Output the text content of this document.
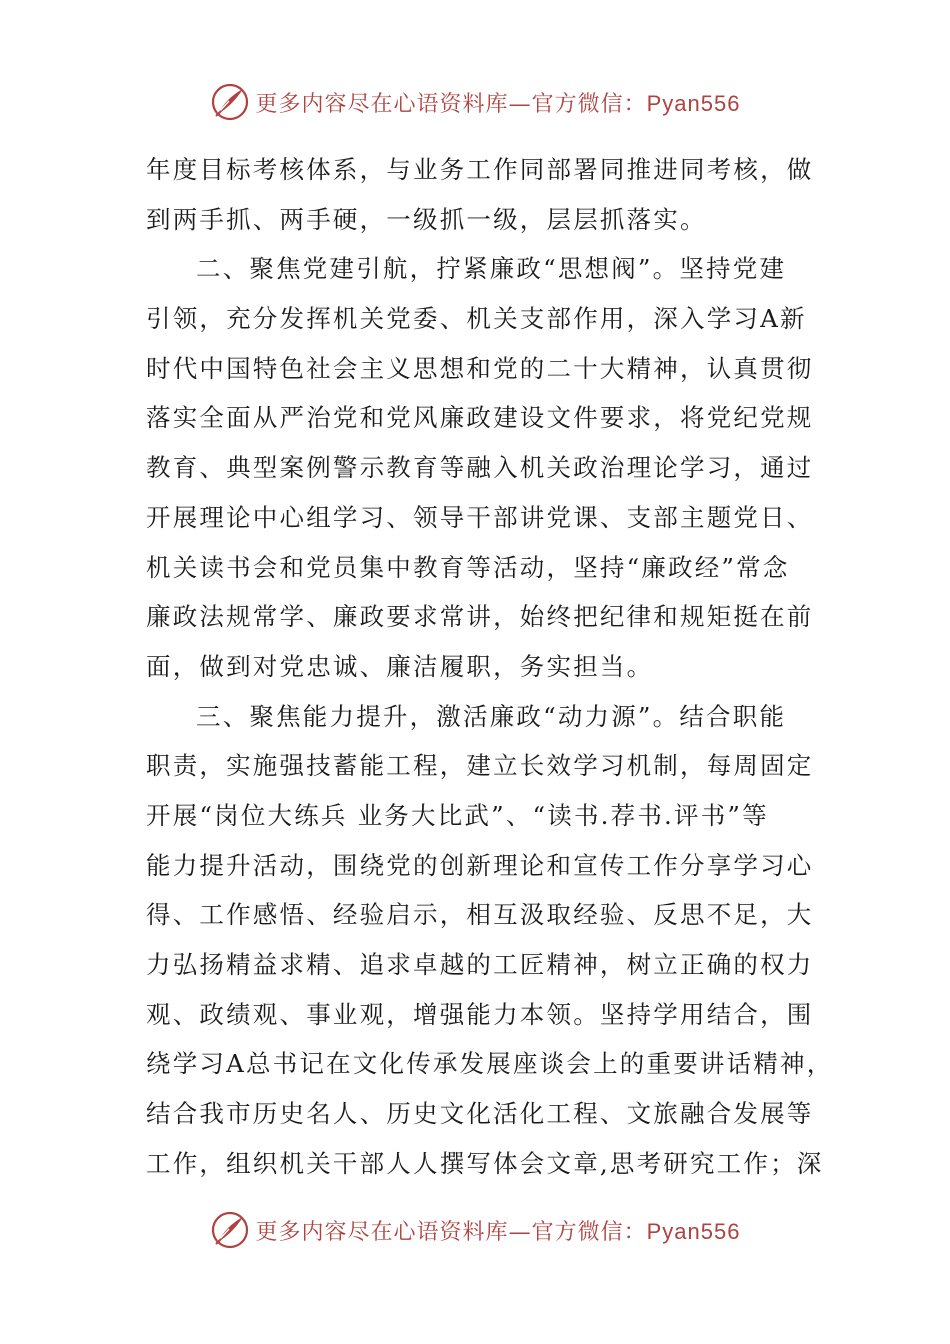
更多内容尽在心语资料库—官方微信：Pyan556
年度目标考核体系，与业务工作同部署同推进同考核，做
到两手抓、两手硬，一级抓一级，层层抓落实。
二、聚焦党建引航，拧紧廉政“思想阀”。坚持党建
引领，充分发挥机关党委、机关支部作用，深入学习A新
时代中国特色社会主义思想和党的二十大精神，认真贯彻
落实全面从严治党和党风廉政建设文件要求，将党纪党规
教育、典型案例警示教育等融入机关政治理论学习，通过
开展理论中心组学习、领导干部讲党课、支部主题党日、
机关读书会和党员集中教育等活动，坚持“廉政经”常念
廉政法规常学、廉政要求常讲，始终把纪律和规矩挺在前
面，做到对党忠诚、廉洁履职，务实担当。
三、聚焦能力提升，激活廉政“动力源”。结合职能
职责，实施强技蓄能工程，建立长效学习机制，每周固定
开展“岗位大练兵 业务大比武”、“读书.荐书.评书”等
能力提升活动，围绕党的创新理论和宣传工作分享学习心
得、工作感悟、经验启示，相互汲取经验、反思不足，大
力弘扬精益求精、追求卓越的工匠精神，树立正确的权力
观、政绩观、事业观，增强能力本领。坚持学用结合，围
绕学习A总书记在文化传承发展座谈会上的重要讲话精神，
结合我市历史名人、历史文化活化工程、文旅融合发展等
工作，组织机关干部人人撰写体会文章,思考研究工作；深
更多内容尽在心语资料库—官方微信：Pyan556
